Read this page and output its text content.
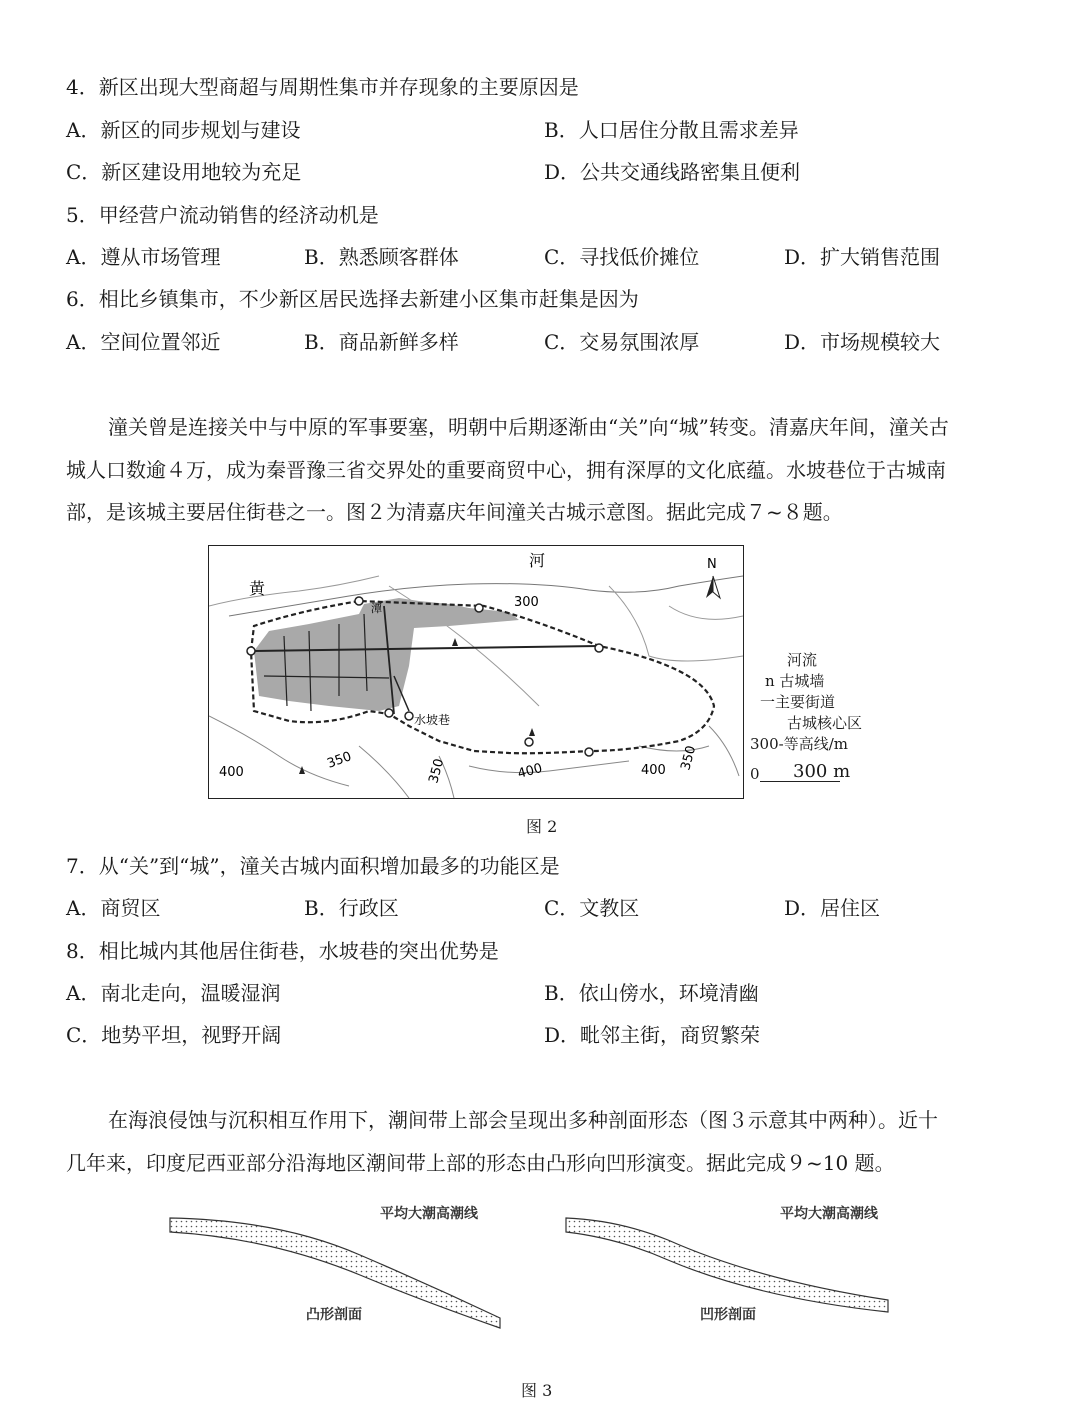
4．新区出现大型商超与周期性集市并存现象的主要原因是
A．新区的同步规划与建设	B．人口居住分散且需求差异
C．新区建设用地较为充足	D．公共交通线路密集且便利
5．甲经营户流动销售的经济动机是
A．遵从市场管理	B．熟悉顾客群体	C．寻找低价摊位	D．扩大销售范围
6．相比乡镇集市，不少新区居民选择去新建小区集市赶集是因为
A．空间位置邻近	B．商品新鲜多样	C．交易氛围浓厚	D．市场规模较大
潼关曾是连接关中与中原的军事要塞，明朝中后期逐渐由“关”向“城”转变。清嘉庆年间，潼关古
城人口数逾４万，成为秦晋豫三省交界处的重要商贸中心，拥有深厚的文化底蕴。水坡巷位于古城南
部，是该城主要居住街巷之一。图２为清嘉庆年间潼关古城示意图。据此完成７~８题。
N
河
黄
水坡巷
潭	300
350	350	350
400	400	400
河流
n 古城墙
一主要街道
古城核心区
300-等高线/m
0 300 m
图 2
7．从“关”到“城”，潼关古城内面积增加最多的功能区是
A．商贸区	B．行政区	C．文教区	D．居住区
8．相比城内其他居住街巷，水坡巷的突出优势是
A．南北走向，温暖湿润	B．依山傍水，环境清幽
C．地势平坦，视野开阔	D．毗邻主街，商贸繁荣
在海浪侵蚀与沉积相互作用下，潮间带上部会呈现出多种剖面形态（图３示意其中两种）。近十
几年来，印度尼西亚部分沿海地区潮间带上部的形态由凸形向凹形演变。据此完成９~10 题。
平均大潮高潮线
凸形剖面
平均大潮高潮线
凹形剖面
图 3
